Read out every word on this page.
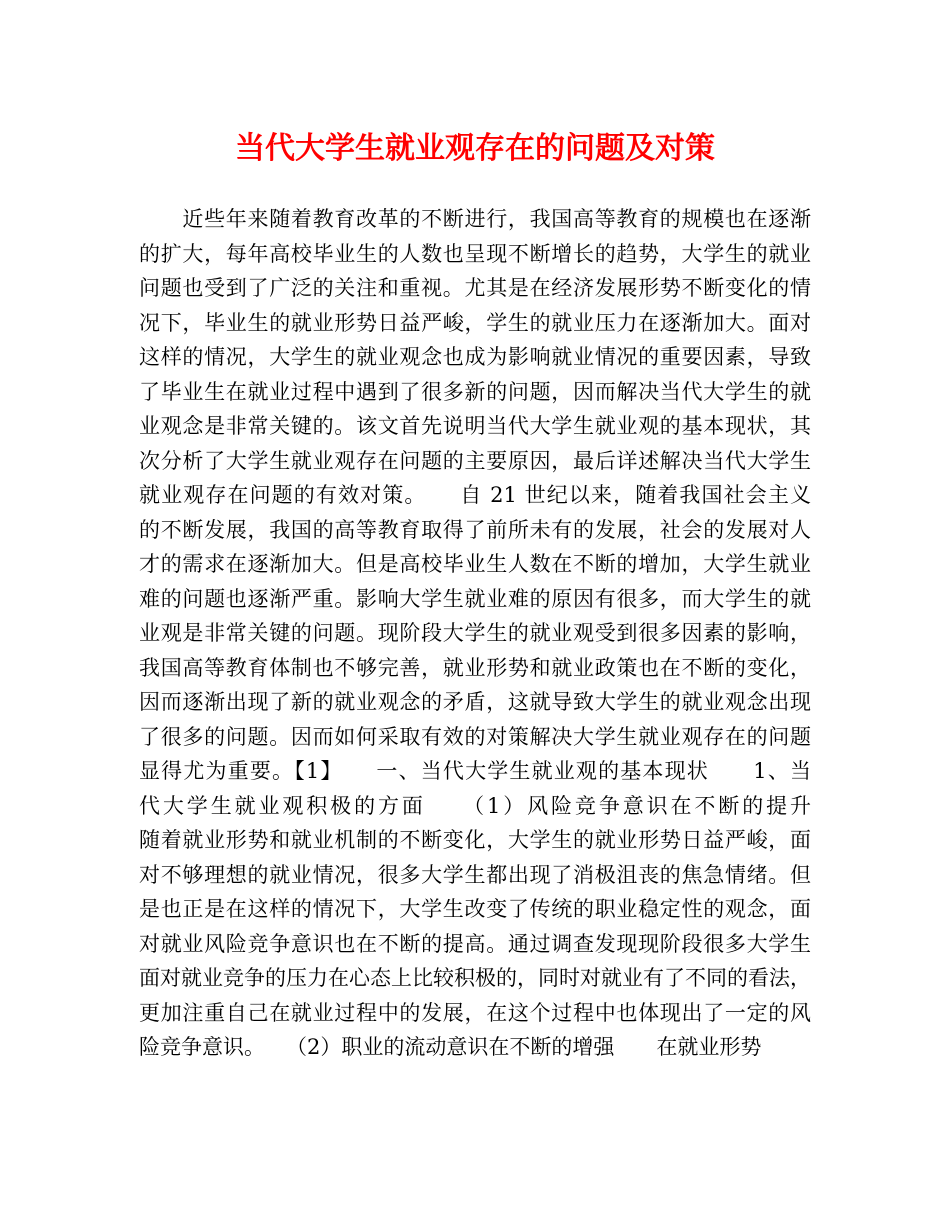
当代大学生就业观存在的问题及对策
　　近些年来随着教育改革的不断进行，我国高等教育的规模也在逐渐
的扩大，每年高校毕业生的人数也呈现不断增长的趋势，大学生的就业
问题也受到了广泛的关注和重视。尤其是在经济发展形势不断变化的情
况下，毕业生的就业形势日益严峻，学生的就业压力在逐渐加大。面对
这样的情况，大学生的就业观念也成为影响就业情况的重要因素，导致
了毕业生在就业过程中遇到了很多新的问题，因而解决当代大学生的就
业观念是非常关键的。该文首先说明当代大学生就业观的基本现状，其
次分析了大学生就业观存在问题的主要原因，最后详述解决当代大学生
就业观存在问题的有效对策。　　自 21 世纪以来，随着我国社会主义
的不断发展，我国的高等教育取得了前所未有的发展，社会的发展对人
才的需求在逐渐加大。但是高校毕业生人数在不断的增加，大学生就业
难的问题也逐渐严重。影响大学生就业难的原因有很多，而大学生的就
业观是非常关键的问题。现阶段大学生的就业观受到很多因素的影响，
我国高等教育体制也不够完善，就业形势和就业政策也在不断的变化，
因而逐渐出现了新的就业观念的矛盾，这就导致大学生的就业观念出现
了很多的问题。因而如何采取有效的对策解决大学生就业观存在的问题
显得尤为重要。【1】　　一、当代大学生就业观的基本现状　　1、当
代大学生就业观积极的方面　　（1）风险竞争意识在不断的提升
随着就业形势和就业机制的不断变化，大学生的就业形势日益严峻，面
对不够理想的就业情况，很多大学生都出现了消极沮丧的焦急情绪。但
是也正是在这样的情况下，大学生改变了传统的职业稳定性的观念，面
对就业风险竞争意识也在不断的提高。通过调查发现现阶段很多大学生
面对就业竞争的压力在心态上比较积极的，同时对就业有了不同的看法，
更加注重自己在就业过程中的发展，在这个过程中也体现出了一定的风
险竞争意识。　　（2）职业的流动意识在不断的增强　　在就业形势
